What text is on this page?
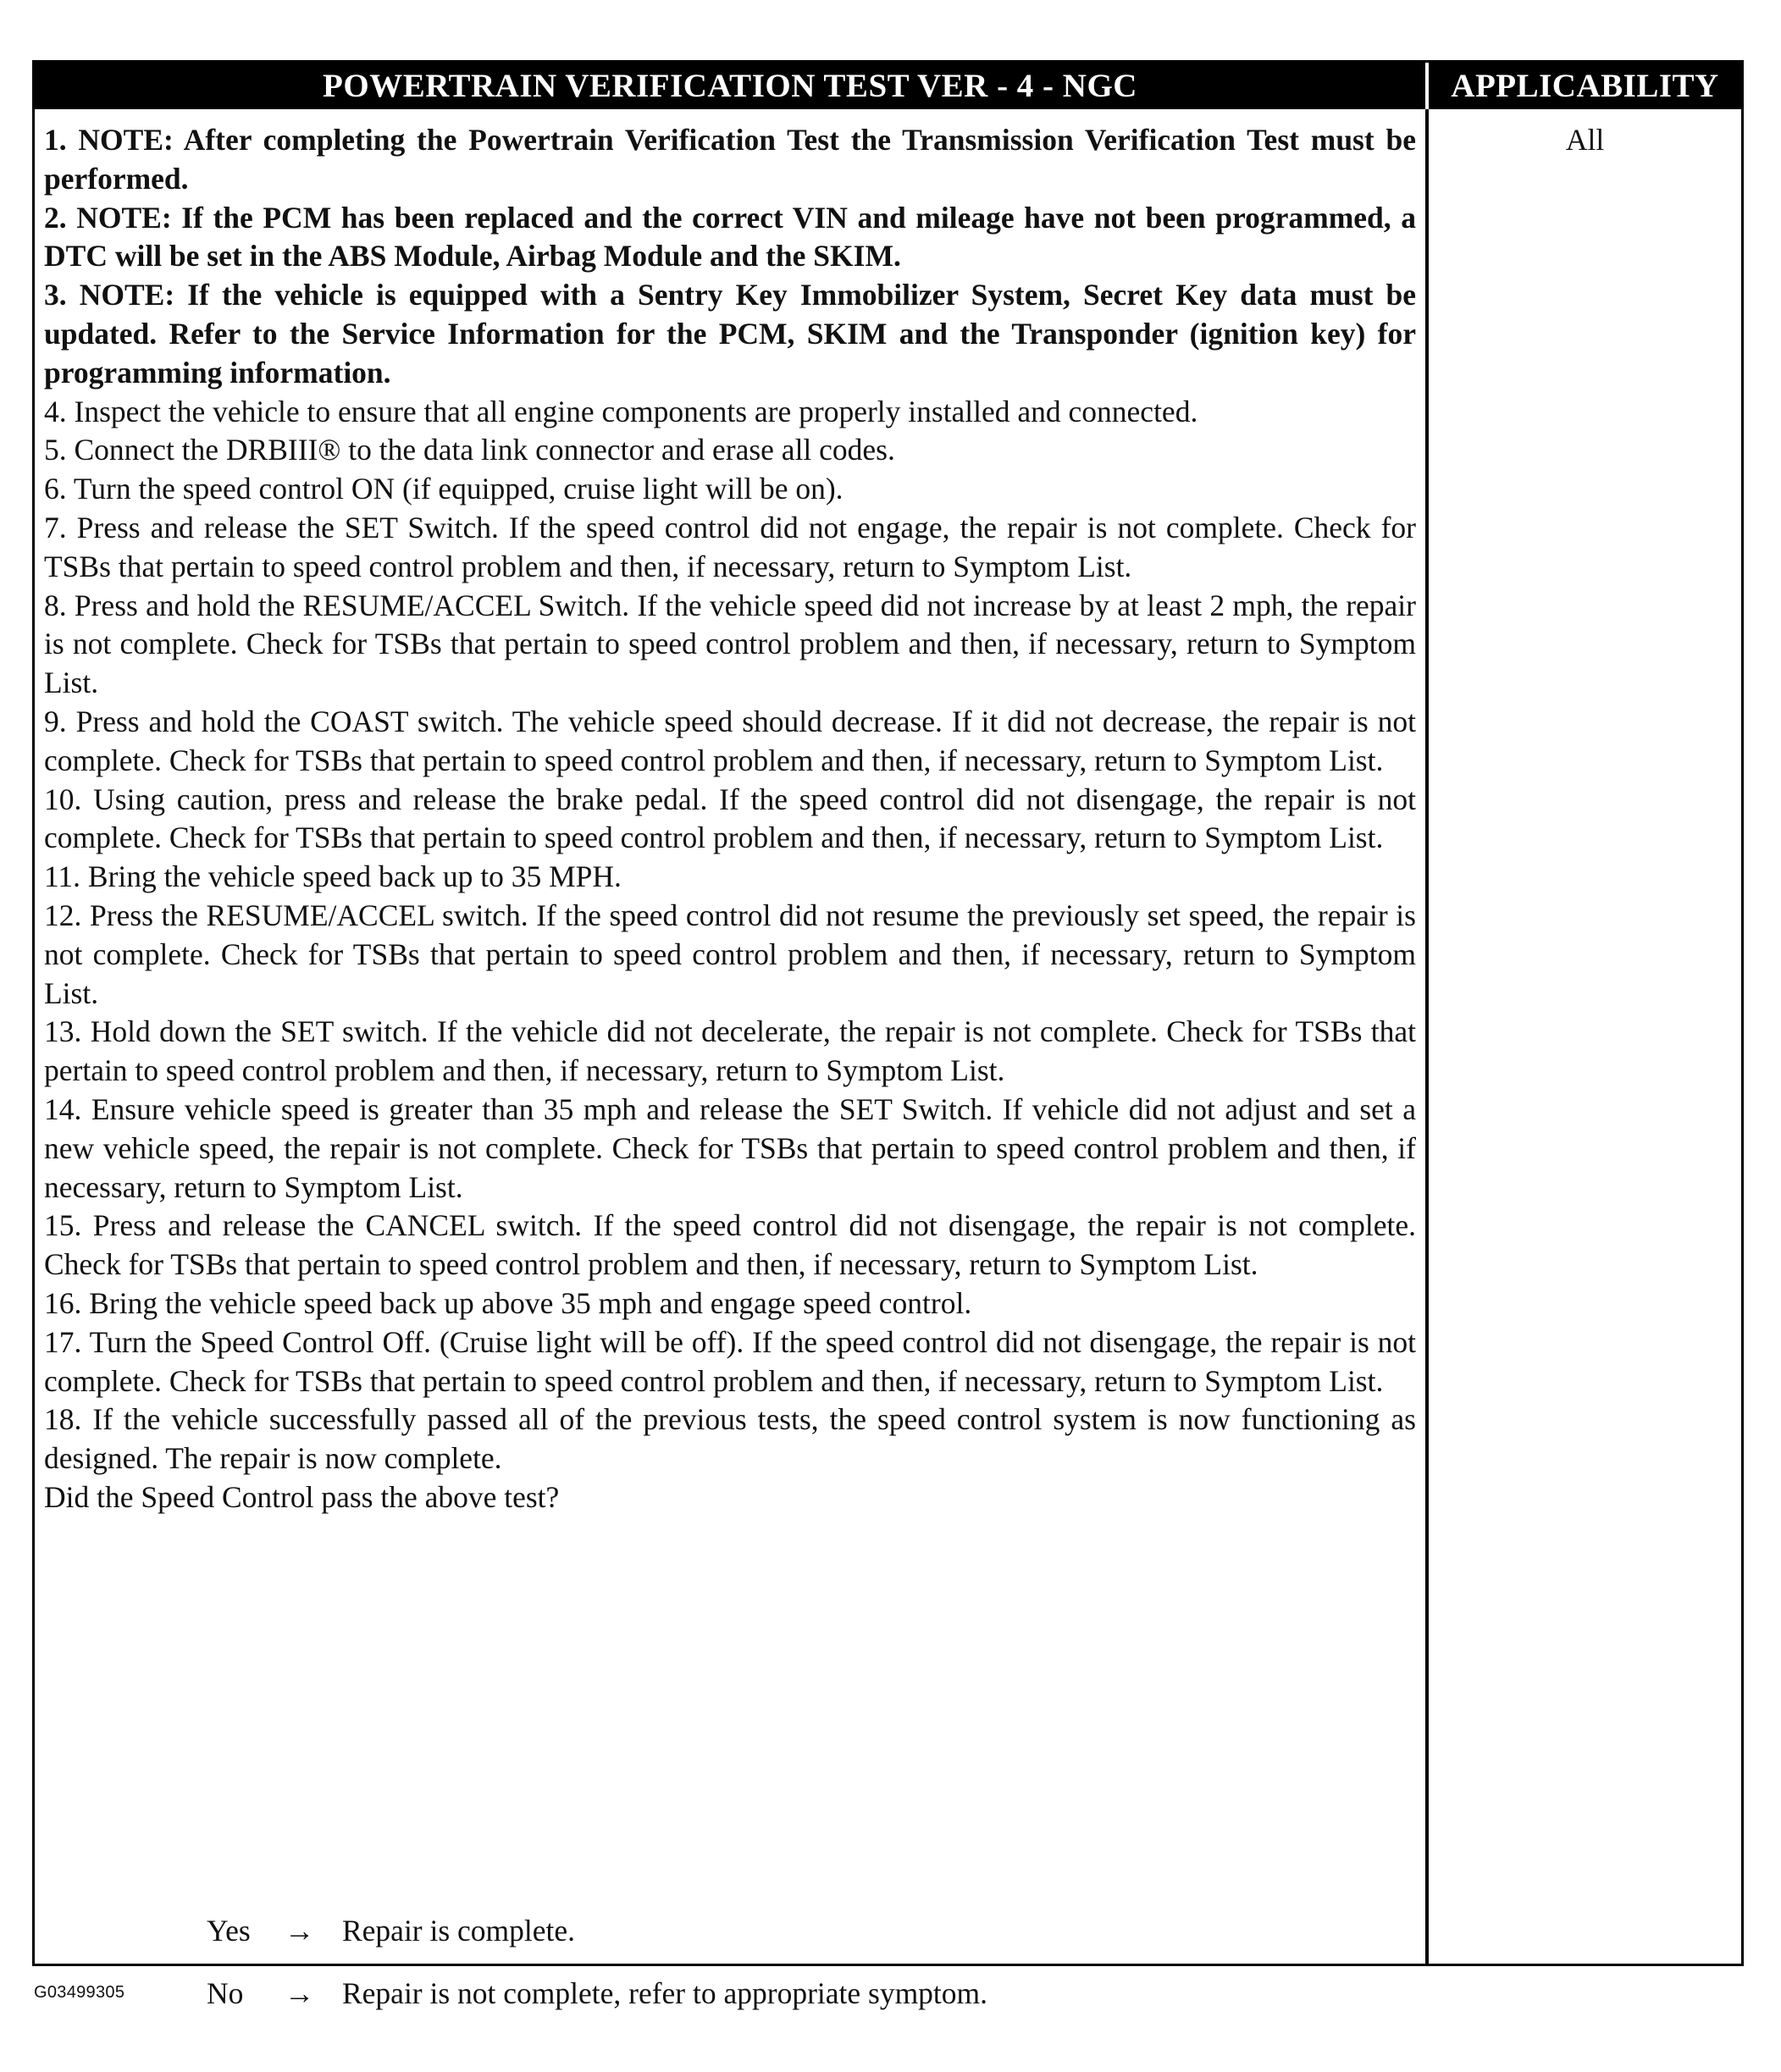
POWERTRAIN VERIFICATION TEST VER - 4 - NGC	APPLICABILITY
1. NOTE: After completing the Powertrain Verification Test the Transmission Verification Test must be performed.
2. NOTE: If the PCM has been replaced and the correct VIN and mileage have not been programmed, a DTC will be set in the ABS Module, Airbag Module and the SKIM.
3. NOTE: If the vehicle is equipped with a Sentry Key Immobilizer System, Secret Key data must be updated. Refer to the Service Information for the PCM, SKIM and the Transponder (ignition key) for programming information.
4. Inspect the vehicle to ensure that all engine components are properly installed and connected.
5. Connect the DRBIII® to the data link connector and erase all codes.
6. Turn the speed control ON (if equipped, cruise light will be on).
7. Press and release the SET Switch. If the speed control did not engage, the repair is not complete. Check for TSBs that pertain to speed control problem and then, if necessary, return to Symptom List.
8. Press and hold the RESUME/ACCEL Switch. If the vehicle speed did not increase by at least 2 mph, the repair is not complete. Check for TSBs that pertain to speed control problem and then, if necessary, return to Symptom List.
9. Press and hold the COAST switch. The vehicle speed should decrease. If it did not decrease, the repair is not complete. Check for TSBs that pertain to speed control problem and then, if necessary, return to Symptom List.
10. Using caution, press and release the brake pedal. If the speed control did not disengage, the repair is not complete. Check for TSBs that pertain to speed control problem and then, if necessary, return to Symptom List.
11. Bring the vehicle speed back up to 35 MPH.
12. Press the RESUME/ACCEL switch. If the speed control did not resume the previously set speed, the repair is not complete. Check for TSBs that pertain to speed control problem and then, if necessary, return to Symptom List.
13. Hold down the SET switch. If the vehicle did not decelerate, the repair is not complete. Check for TSBs that pertain to speed control problem and then, if necessary, return to Symptom List.
14. Ensure vehicle speed is greater than 35 mph and release the SET Switch. If vehicle did not adjust and set a new vehicle speed, the repair is not complete. Check for TSBs that pertain to speed control problem and then, if necessary, return to Symptom List.
15. Press and release the CANCEL switch. If the speed control did not disengage, the repair is not complete. Check for TSBs that pertain to speed control problem and then, if necessary, return to Symptom List.
16. Bring the vehicle speed back up above 35 mph and engage speed control.
17. Turn the Speed Control Off. (Cruise light will be off). If the speed control did not disengage, the repair is not complete. Check for TSBs that pertain to speed control problem and then, if necessary, return to Symptom List.
18. If the vehicle successfully passed all of the previous tests, the speed control system is now functioning as designed. The repair is now complete.
Did the Speed Control pass the above test?
Yes → Repair is complete.
No → Repair is not complete, refer to appropriate symptom.
All
G03499305
